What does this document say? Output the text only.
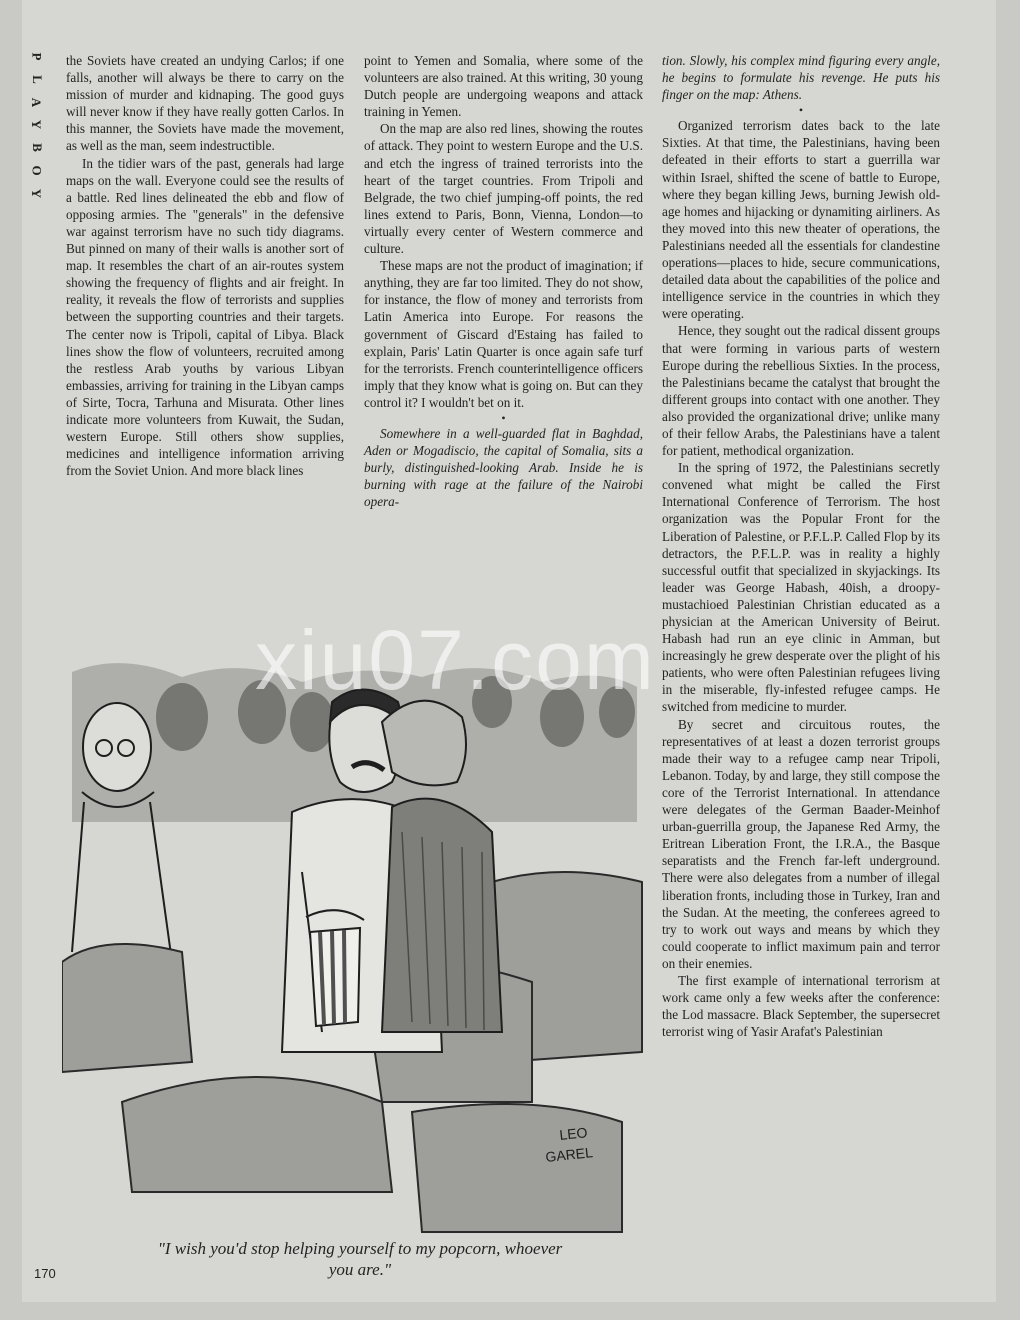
P
L
A
Y
B
O
Y

the Soviets have created an undying Carlos; if one falls, another will always be there to carry on the mission of murder and kidnaping. The good guys will never know if they have really gotten Carlos. In this manner, the Soviets have made the movement, as well as the man, seem indestructible.

In the tidier wars of the past, generals had large maps on the wall. Everyone could see the results of a battle. Red lines delineated the ebb and flow of opposing armies. The "generals" in the defensive war against terrorism have no such tidy diagrams. But pinned on many of their walls is another sort of map. It resembles the chart of an air-routes system showing the frequency of flights and air freight. In reality, it reveals the flow of terrorists and supplies between the supporting countries and their targets. The center now is Tripoli, capital of Libya. Black lines show the flow of volunteers, recruited among the restless Arab youths by various Libyan embassies, arriving for training in the Libyan camps of Sirte, Tocra, Tarhuna and Misurata. Other lines indicate more volunteers from Kuwait, the Sudan, western Europe. Still others show supplies, medicines and intelligence information arriving from the Soviet Union. And more black lines

point to Yemen and Somalia, where some of the volunteers are also trained. At this writing, 30 young Dutch people are undergoing weapons and attack training in Yemen.

On the map are also red lines, showing the routes of attack. They point to western Europe and the U.S. and etch the ingress of trained terrorists into the heart of the target countries. From Tripoli and Belgrade, the two chief jumping-off points, the red lines extend to Paris, Bonn, Vienna, London—to virtually every center of Western commerce and culture.

These maps are not the product of imagination; if anything, they are far too limited. They do not show, for instance, the flow of money and terrorists from Latin America into Europe. For reasons the government of Giscard d'Estaing has failed to explain, Paris' Latin Quarter is once again safe turf for the terrorists. French counterintelligence officers imply that they know what is going on. But can they control it? I wouldn't bet on it.

•

Somewhere in a well-guarded flat in Baghdad, Aden or Mogadiscio, the capital of Somalia, sits a burly, distinguished-looking Arab. Inside he is burning with rage at the failure of the Nairobi opera-

tion. Slowly, his complex mind figuring every angle, he begins to formulate his revenge. He puts his finger on the map: Athens.

•

Organized terrorism dates back to the late Sixties. At that time, the Palestinians, having been defeated in their efforts to start a guerrilla war within Israel, shifted the scene of battle to Europe, where they began killing Jews, burning Jewish old-age homes and hijacking or dynamiting airliners. As they moved into this new theater of operations, the Palestinians needed all the essentials for clandestine operations—places to hide, secure communications, detailed data about the capabilities of the police and intelligence service in the countries in which they were operating.

Hence, they sought out the radical dissent groups that were forming in various parts of western Europe during the rebellious Sixties. In the process, the Palestinians became the catalyst that brought the different groups into contact with one another. They also provided the organizational drive; unlike many of their fellow Arabs, the Palestinians have a talent for patient, methodical organization.

In the spring of 1972, the Palestinians secretly convened what might be called the First International Conference of Terrorism. The host organization was the Popular Front for the Liberation of Palestine, or P.F.L.P. Called Flop by its detractors, the P.F.L.P. was in reality a highly successful outfit that specialized in skyjackings. Its leader was George Habash, 40ish, a droopy-mustachioed Palestinian Christian educated as a physician at the American University of Beirut. Habash had run an eye clinic in Amman, but increasingly he grew desperate over the plight of his patients, who were often Palestinian refugees living in the miserable, fly-infested refugee camps. He switched from medicine to murder.

By secret and circuitous routes, the representatives of at least a dozen terrorist groups made their way to a refugee camp near Tripoli, Lebanon. Today, by and large, they still compose the core of the Terrorist International. In attendance were delegates of the German Baader-Meinhof urban-guerrilla group, the Japanese Red Army, the Eritrean Liberation Front, the I.R.A., the Basque separatists and the French far-left underground. There were also delegates from a number of illegal liberation fronts, including those in Turkey, Iran and the Sudan. At the meeting, the conferees agreed to try to work out ways and means by which they could cooperate to inflict maximum pain and terror on their enemies.

The first example of international terrorism at work came only a few weeks after the conference: the Lod massacre. Black September, the supersecret terrorist wing of Yasir Arafat's Palestinian

LEO
GAREL
"I wish you'd stop helping yourself to my popcorn, whoever you are."
170
xiu07.com
